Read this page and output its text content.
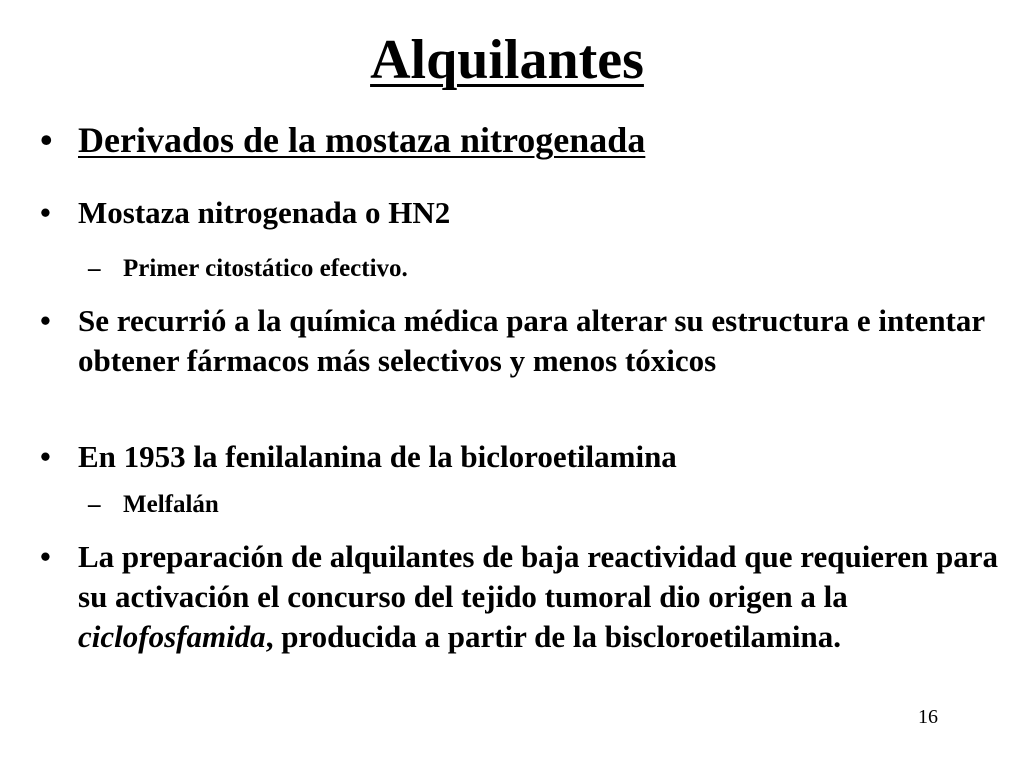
Alquilantes
• Derivados de la mostaza nitrogenada
• Mostaza nitrogenada o HN2
– Primer citostático efectivo.
• Se recurrió a la química médica para alterar su estructura e intentar obtener fármacos más selectivos y menos tóxicos
• En 1953 la fenilalanina de la bicloroetilamina
– Melfalán
• La preparación de alquilantes de baja reactividad que requieren para su activación el concurso del tejido tumoral dio origen a la ciclofosfamida, producida a partir de la biscloroetilamina.
16
